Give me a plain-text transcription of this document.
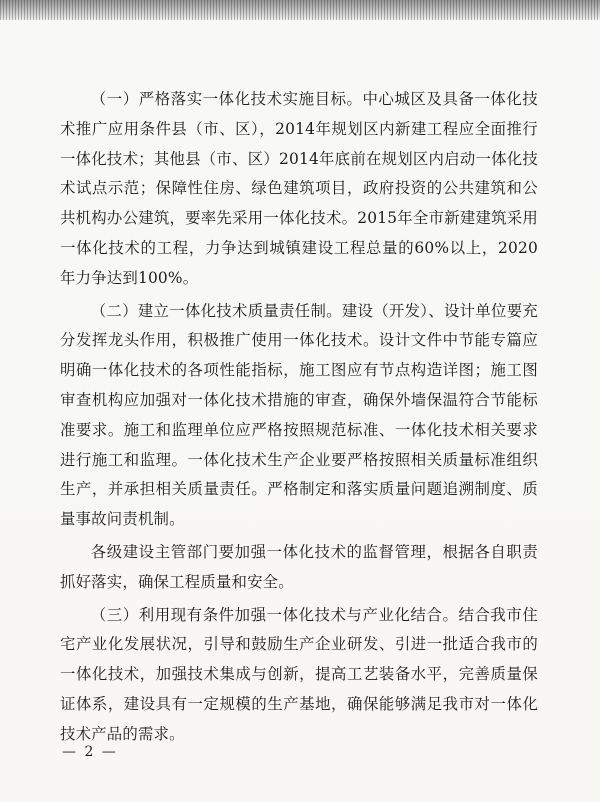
（一）严格落实一体化技术实施目标。中心城区及具备一体化技术推广应用条件县（市、区），2014年规划区内新建工程应全面推行一体化技术；其他县（市、区）2014年底前在规划区内启动一体化技术试点示范；保障性住房、绿色建筑项目，政府投资的公共建筑和公共机构办公建筑，要率先采用一体化技术。2015年全市新建建筑采用一体化技术的工程，力争达到城镇建设工程总量的60%以上，2020年力争达到100%。

（二）建立一体化技术质量责任制。建设（开发）、设计单位要充分发挥龙头作用，积极推广使用一体化技术。设计文件中节能专篇应明确一体化技术的各项性能指标，施工图应有节点构造详图；施工图审查机构应加强对一体化技术措施的审查，确保外墙保温符合节能标准要求。施工和监理单位应严格按照规范标准、一体化技术相关要求进行施工和监理。一体化技术生产企业要严格按照相关质量标准组织生产，并承担相关质量责任。严格制定和落实质量问题追溯制度、质量事故问责机制。

各级建设主管部门要加强一体化技术的监督管理，根据各自职责抓好落实，确保工程质量和安全。

（三）利用现有条件加强一体化技术与产业化结合。结合我市住宅产业化发展状况，引导和鼓励生产企业研发、引进一批适合我市的一体化技术，加强技术集成与创新，提高工艺装备水平，完善质量保证体系，建设具有一定规模的生产基地，确保能够满足我市对一体化技术产品的需求。

— 2 —
